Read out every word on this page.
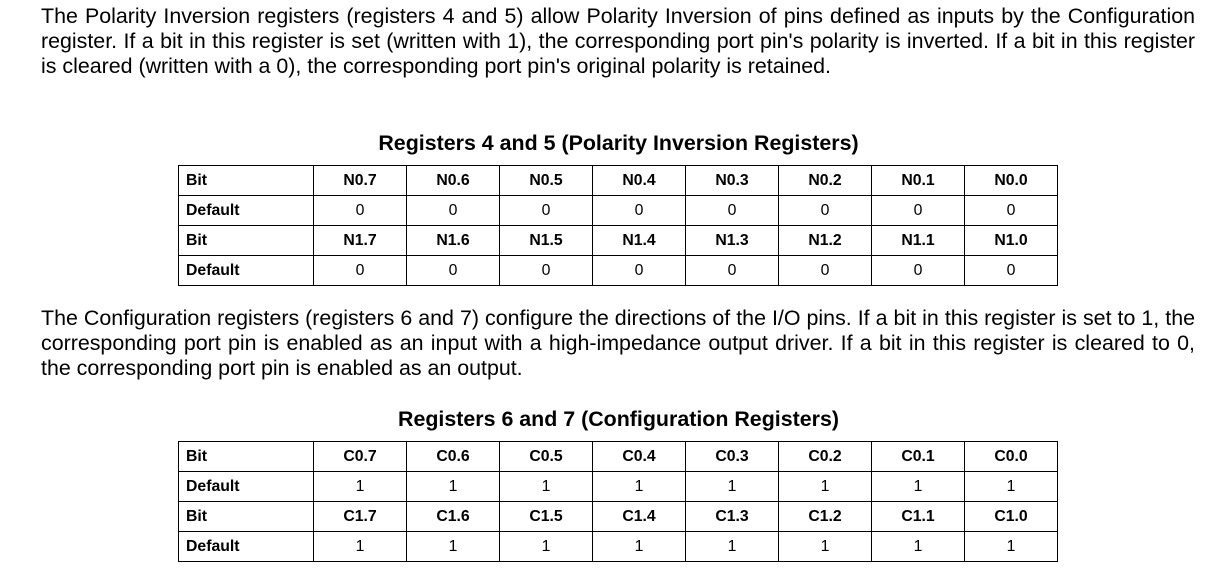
The Polarity Inversion registers (registers 4 and 5) allow Polarity Inversion of pins defined as inputs by the Configuration register. If a bit in this register is set (written with 1), the corresponding port pin's polarity is inverted. If a bit in this register is cleared (written with a 0), the corresponding port pin's original polarity is retained.

Registers 4 and 5 (Polarity Inversion Registers)
Bit	N0.7	N0.6	N0.5	N0.4	N0.3	N0.2	N0.1	N0.0
Default	0	0	0	0	0	0	0	0
Bit	N1.7	N1.6	N1.5	N1.4	N1.3	N1.2	N1.1	N1.0
Default	0	0	0	0	0	0	0	0

The Configuration registers (registers 6 and 7) configure the directions of the I/O pins. If a bit in this register is set to 1, the corresponding port pin is enabled as an input with a high-impedance output driver. If a bit in this register is cleared to 0, the corresponding port pin is enabled as an output.

Registers 6 and 7 (Configuration Registers)
Bit	C0.7	C0.6	C0.5	C0.4	C0.3	C0.2	C0.1	C0.0
Default	1	1	1	1	1	1	1	1
Bit	C1.7	C1.6	C1.5	C1.4	C1.3	C1.2	C1.1	C1.0
Default	1	1	1	1	1	1	1	1
